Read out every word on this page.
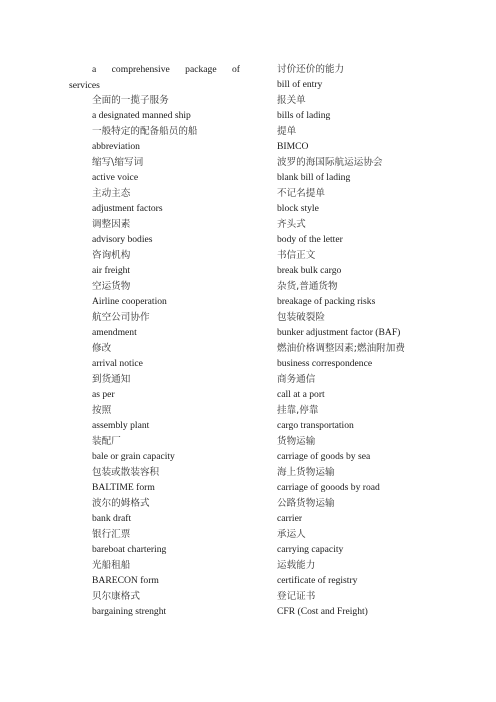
a comprehensive package of
services
全面的一揽子服务
a designated manned ship
一般特定的配备船员的船
abbreviation
缩写\缩写词
active voice
主动主态
adjustment factors
调整因素
advisory bodies
咨询机构
air freight
空运货物
Airline cooperation
航空公司协作
amendment
修改
arrival notice
到货通知
as per
按照
assembly plant
装配厂
bale or grain capacity
包装或散装容积
BALTIME form
波尔的姆格式
bank draft
银行汇票
bareboat chartering
光船租船
BARECON form
贝尔康格式
bargaining strenght
讨价还价的能力
bill of entry
报关单
bills of lading
提单
BIMCO
波罗的海国际航运运协会
blank bill of lading
不记名提单
block style
齐头式
body of the letter
书信正文
break bulk cargo
杂货,普通货物
breakage of packing risks
包装破裂险
bunker adjustment factor (BAF)
燃油价格调整因素;燃油附加费
business correspondence
商务通信
call at a port
挂靠,停靠
cargo transportation
货物运输
carriage of goods by sea
海上货物运输
carriage of gooods by road
公路货物运输
carrier
承运人
carrying capacity
运载能力
certificate of registry
登记证书
CFR (Cost and Freight)
